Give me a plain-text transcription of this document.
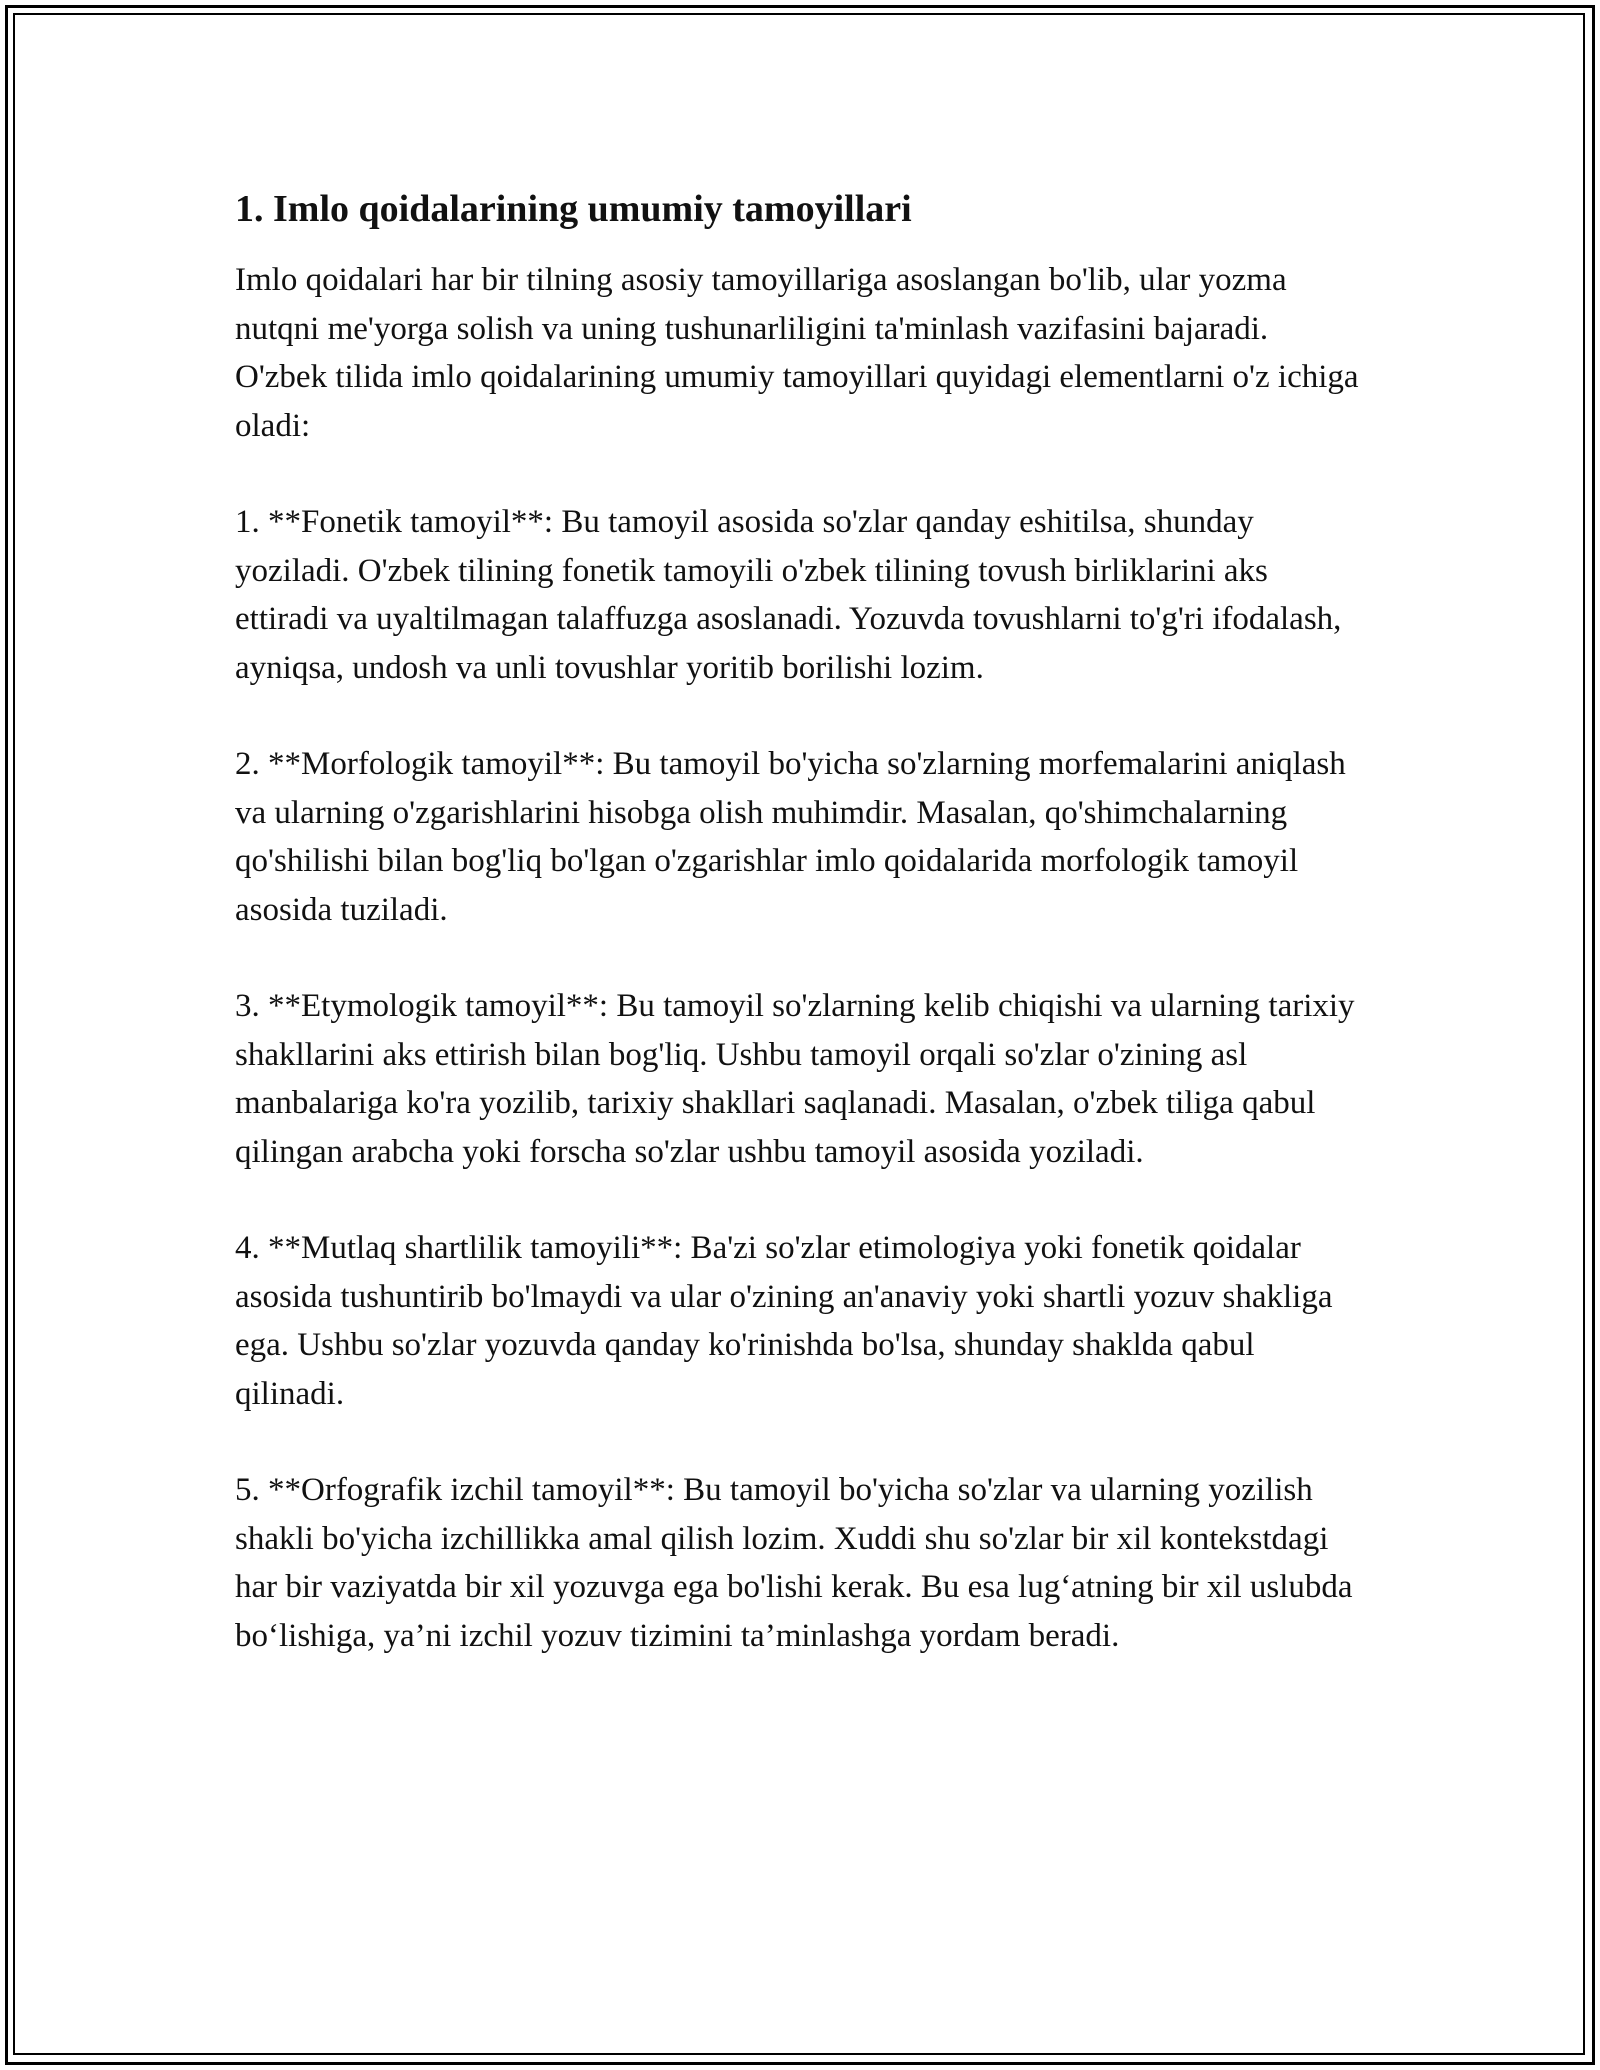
1. Imlo qoidalarining umumiy tamoyillari

Imlo qoidalari har bir tilning asosiy tamoyillariga asoslangan bo'lib, ular yozma nutqni me'yorga solish va uning tushunarliligini ta'minlash vazifasini bajaradi. O'zbek tilida imlo qoidalarining umumiy tamoyillari quyidagi elementlarni o'z ichiga oladi:

1. **Fonetik tamoyil**: Bu tamoyil asosida so'zlar qanday eshitilsa, shunday yoziladi. O'zbek tilining fonetik tamoyili o'zbek tilining tovush birliklarini aks ettiradi va uyaltilmagan talaffuzga asoslanadi. Yozuvda tovushlarni to'g'ri ifodalash, ayniqsa, undosh va unli tovushlar yoritib borilishi lozim.

2. **Morfologik tamoyil**: Bu tamoyil bo'yicha so'zlarning morfemalarini aniqlash va ularning o'zgarishlarini hisobga olish muhimdir. Masalan, qo'shimchalarning qo'shilishi bilan bog'liq bo'lgan o'zgarishlar imlo qoidalarida morfologik tamoyil asosida tuziladi.

3. **Etymologik tamoyil**: Bu tamoyil so'zlarning kelib chiqishi va ularning tarixiy shakllarini aks ettirish bilan bog'liq. Ushbu tamoyil orqali so'zlar o'zining asl manbalariga ko'ra yozilib, tarixiy shakllari saqlanadi. Masalan, o'zbek tiliga qabul qilingan arabcha yoki forscha so'zlar ushbu tamoyil asosida yoziladi.

4. **Mutlaq shartlilik tamoyili**: Ba'zi so'zlar etimologiya yoki fonetik qoidalar asosida tushuntirib bo'lmaydi va ular o'zining an'anaviy yoki shartli yozuv shakliga ega. Ushbu so'zlar yozuvda qanday ko'rinishda bo'lsa, shunday shaklda qabul qilinadi.

5. **Orfografik izchil tamoyil**: Bu tamoyil bo'yicha so'zlar va ularning yozilish shakli bo'yicha izchillikka amal qilish lozim. Xuddi shu so'zlar bir xil kontekstdagi har bir vaziyatda bir xil yozuvga ega bo'lishi kerak. Bu esa lug‘atning bir xil uslubda bo‘lishiga, ya’ni izchil yozuv tizimini ta’minlashga yordam beradi.
